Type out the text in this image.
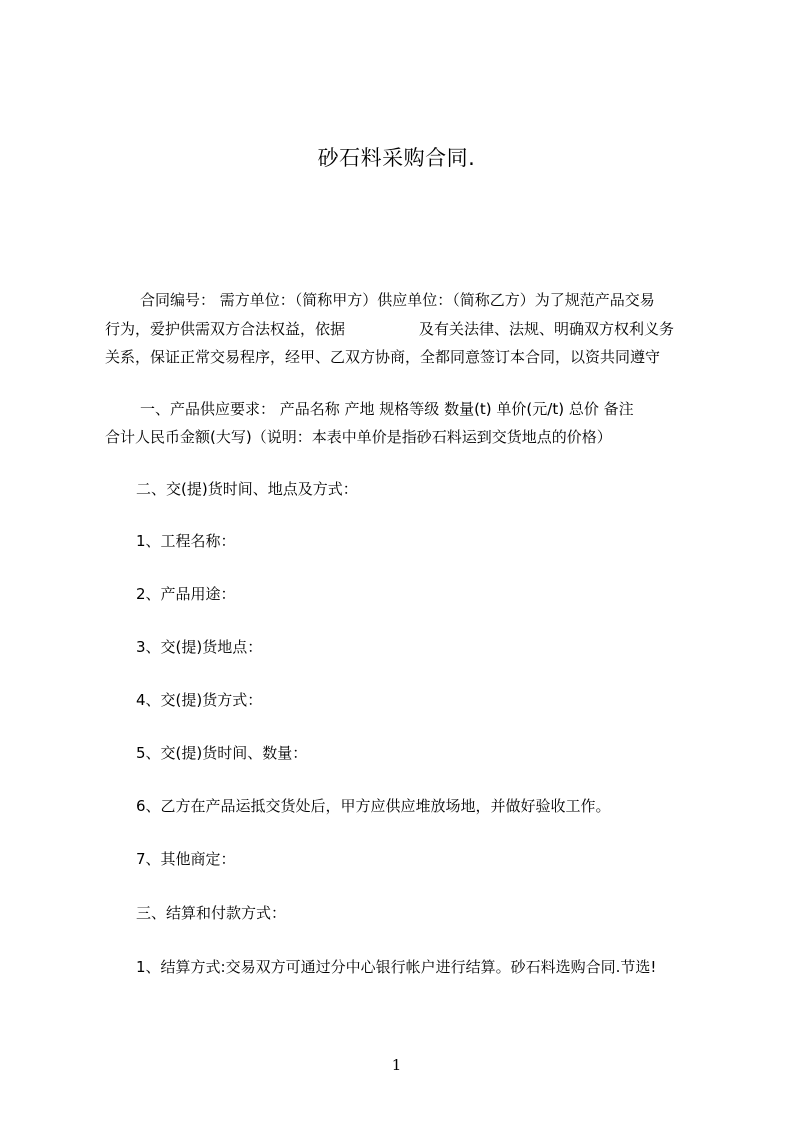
砂石料采购合同.
合同编号： 需方单位：（简称甲方）供应单位：（简称乙方）为了规范产品交易
行为，爱护供需双方合法权益，依据	及有关法律、法规、明确双方权利义务
关系，保证正常交易程序，经甲、乙双方协商，全都同意签订本合同，以资共同遵守
一、产品供应要求： 产品名称 产地 规格等级 数量(t) 单价(元/t) 总价 备注
合计人民币金额(大写)（说明：本表中单价是指砂石料运到交货地点的价格）
二、交(提)货时间、地点及方式：
1、工程名称：
2、产品用途：
3、交(提)货地点：
4、交(提)货方式：
5、交(提)货时间、数量：
6、乙方在产品运抵交货处后，甲方应供应堆放场地，并做好验收工作。
7、其他商定：
三、结算和付款方式：
1、结算方式:交易双方可通过分中心银行帐户进行结算。砂石料选购合同.节选!
1
